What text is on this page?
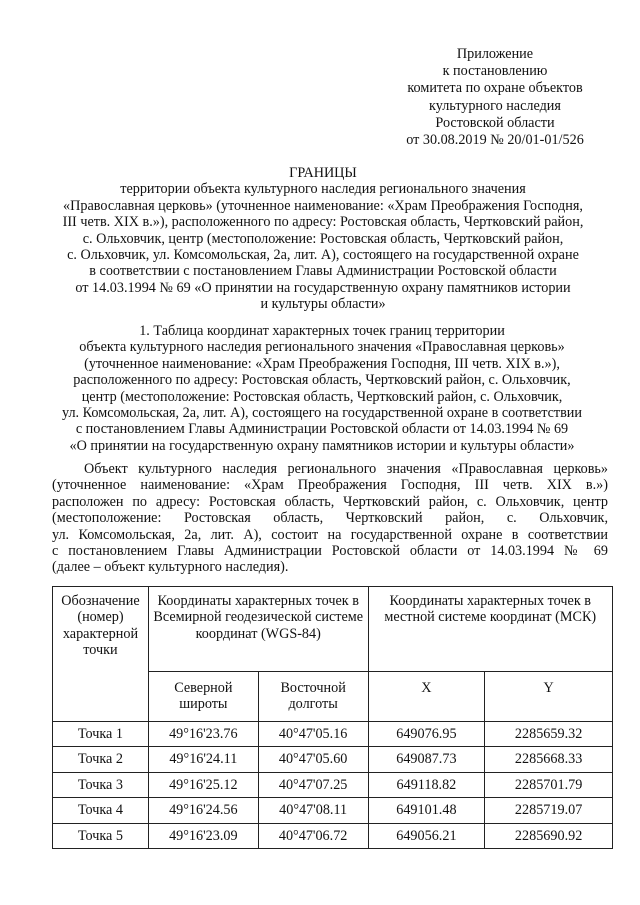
Приложение
к постановлению
комитета по охране объектов
культурного наследия
Ростовской области
от 30.08.2019 № 20/01-01/526
ГРАНИЦЫ
территории объекта культурного наследия регионального значения
«Православная церковь» (уточненное наименование: «Храм Преображения Господня,
III четв. XIX в.»), расположенного по адресу: Ростовская область, Чертковский район,
с. Ольховчик, центр (местоположение: Ростовская область, Чертковский район,
с. Ольховчик, ул. Комсомольская, 2а, лит. А), состоящего на государственной охране
в соответствии с постановлением Главы Администрации Ростовской области
от 14.03.1994 № 69 «О принятии на государственную охрану памятников истории
и культуры области»
1. Таблица координат характерных точек границ территории
объекта культурного наследия регионального значения «Православная церковь»
(уточненное наименование: «Храм Преображения Господня, III четв. XIX в.»),
расположенного по адресу: Ростовская область, Чертковский район, с. Ольховчик,
центр (местоположение: Ростовская область, Чертковский район, с. Ольховчик,
ул. Комсомольская, 2а, лит. А), состоящего на государственной охране в соответствии
с постановлением Главы Администрации Ростовской области от 14.03.1994 № 69
«О принятии на государственную охрану памятников истории и культуры области»
Объект культурного наследия регионального значения «Православная церковь»
(уточненное наименование: «Храм Преображения Господня, III четв. XIX в.»)
расположен по адресу: Ростовская область, Чертковский район, с. Ольховчик, центр
(местоположение: Ростовская область, Чертковский район, с. Ольховчик,
ул. Комсомольская, 2а, лит. А), состоит на государственной охране в соответствии
с постановлением Главы Администрации Ростовской области от 14.03.1994 № 69
(далее – объект культурного наследия).
Обозначение (номер) характерной точки	Координаты характерных точек в Всемирной геодезической системе координат (WGS-84)		Координаты характерных точек в местной системе координат (МСК)	
	Северной широты	Восточной долготы	X	Y
Точка 1	49°16'23.76	40°47'05.16	649076.95	2285659.32
Точка 2	49°16'24.11	40°47'05.60	649087.73	2285668.33
Точка 3	49°16'25.12	40°47'07.25	649118.82	2285701.79
Точка 4	49°16'24.56	40°47'08.11	649101.48	2285719.07
Точка 5	49°16'23.09	40°47'06.72	649056.21	2285690.92
